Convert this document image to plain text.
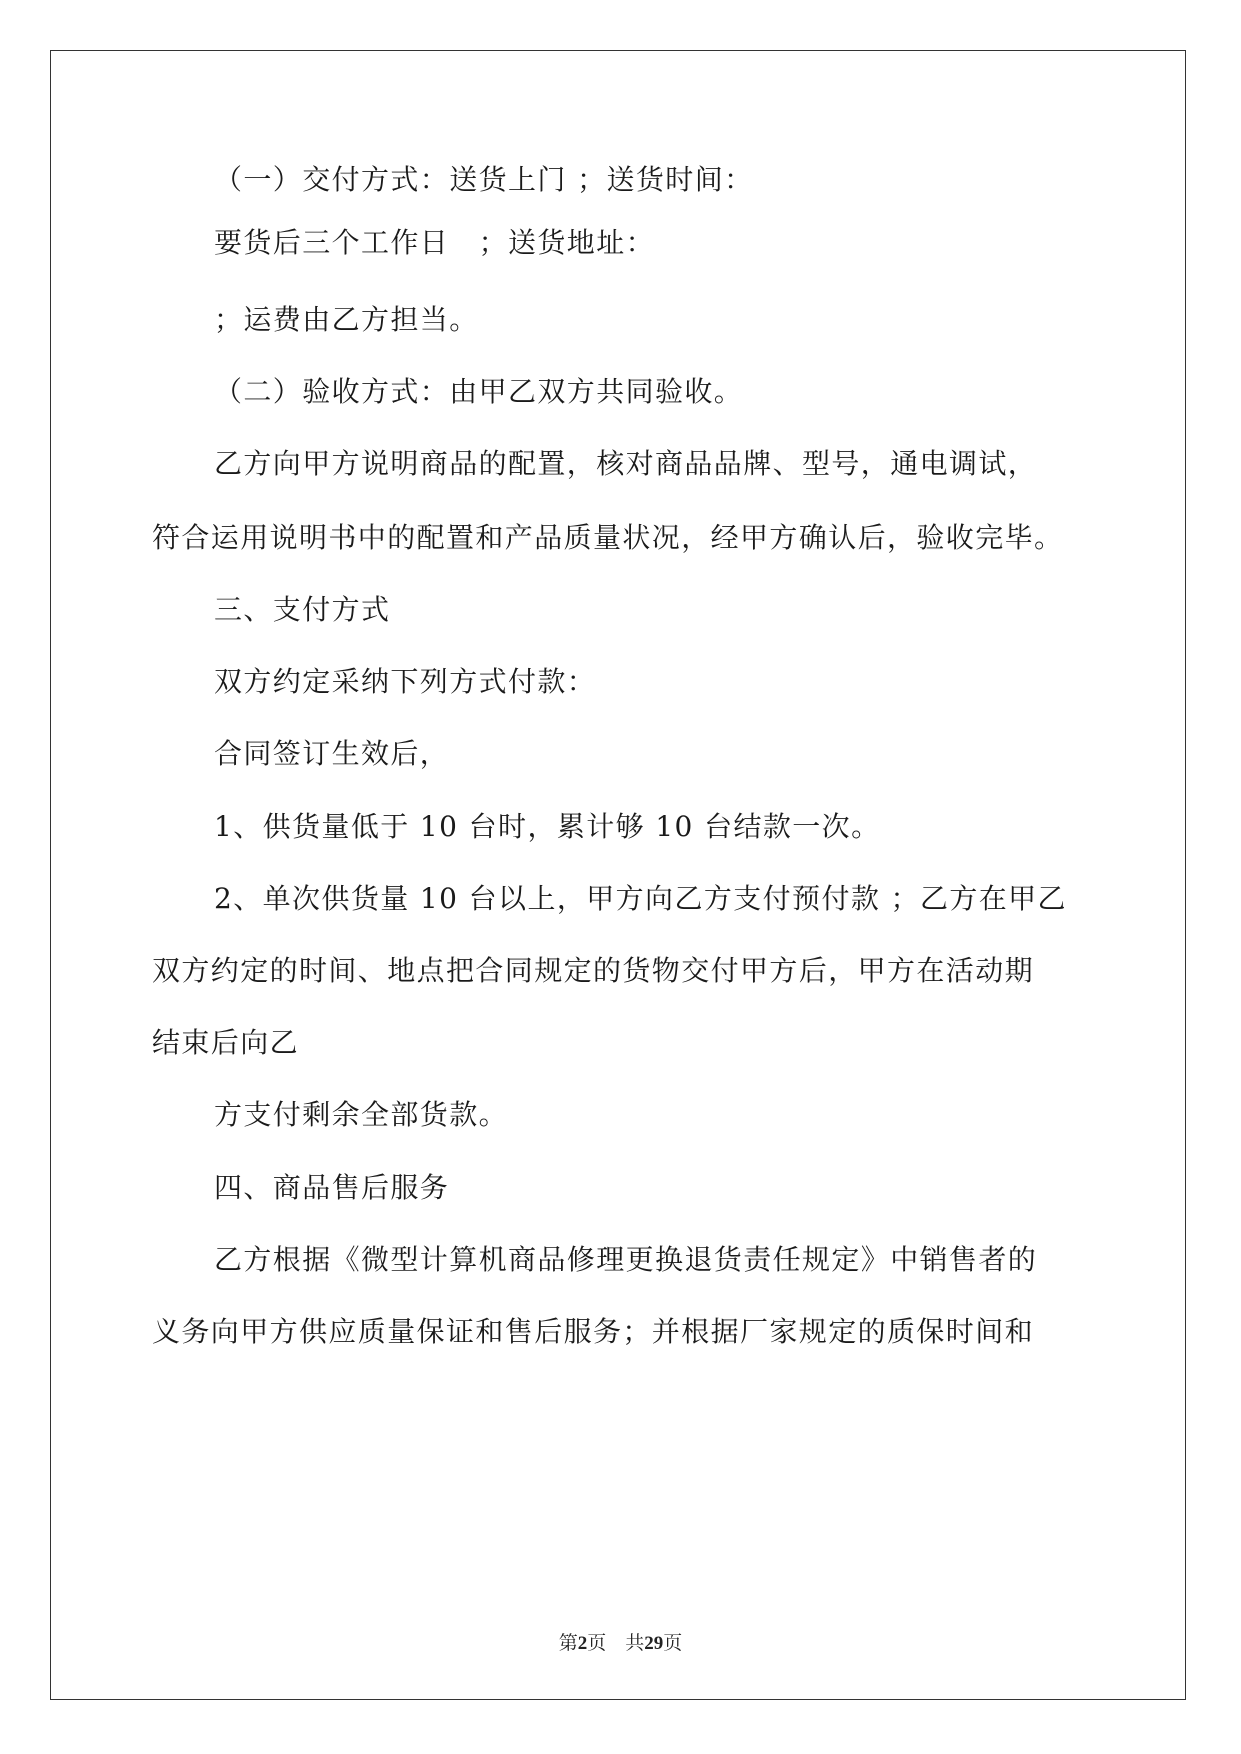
（一）交付方式：送货上门 ；送货时间：
要货后三个工作日　；送货地址：
；运费由乙方担当。
（二）验收方式：由甲乙双方共同验收。
乙方向甲方说明商品的配置，核对商品品牌、型号，通电调试，
符合运用说明书中的配置和产品质量状况，经甲方确认后，验收完毕。
三、支付方式
双方约定采纳下列方式付款：
合同签订生效后，
1、供货量低于 10 台时，累计够 10 台结款一次。
2、单次供货量 10 台以上，甲方向乙方支付预付款 ；乙方在甲乙
双方约定的时间、地点把合同规定的货物交付甲方后，甲方在活动期
结束后向乙
方支付剩余全部货款。
四、商品售后服务
乙方根据《微型计算机商品修理更换退货责任规定》中销售者的
义务向甲方供应质量保证和售后服务；并根据厂家规定的质保时间和
第2页　共29页
